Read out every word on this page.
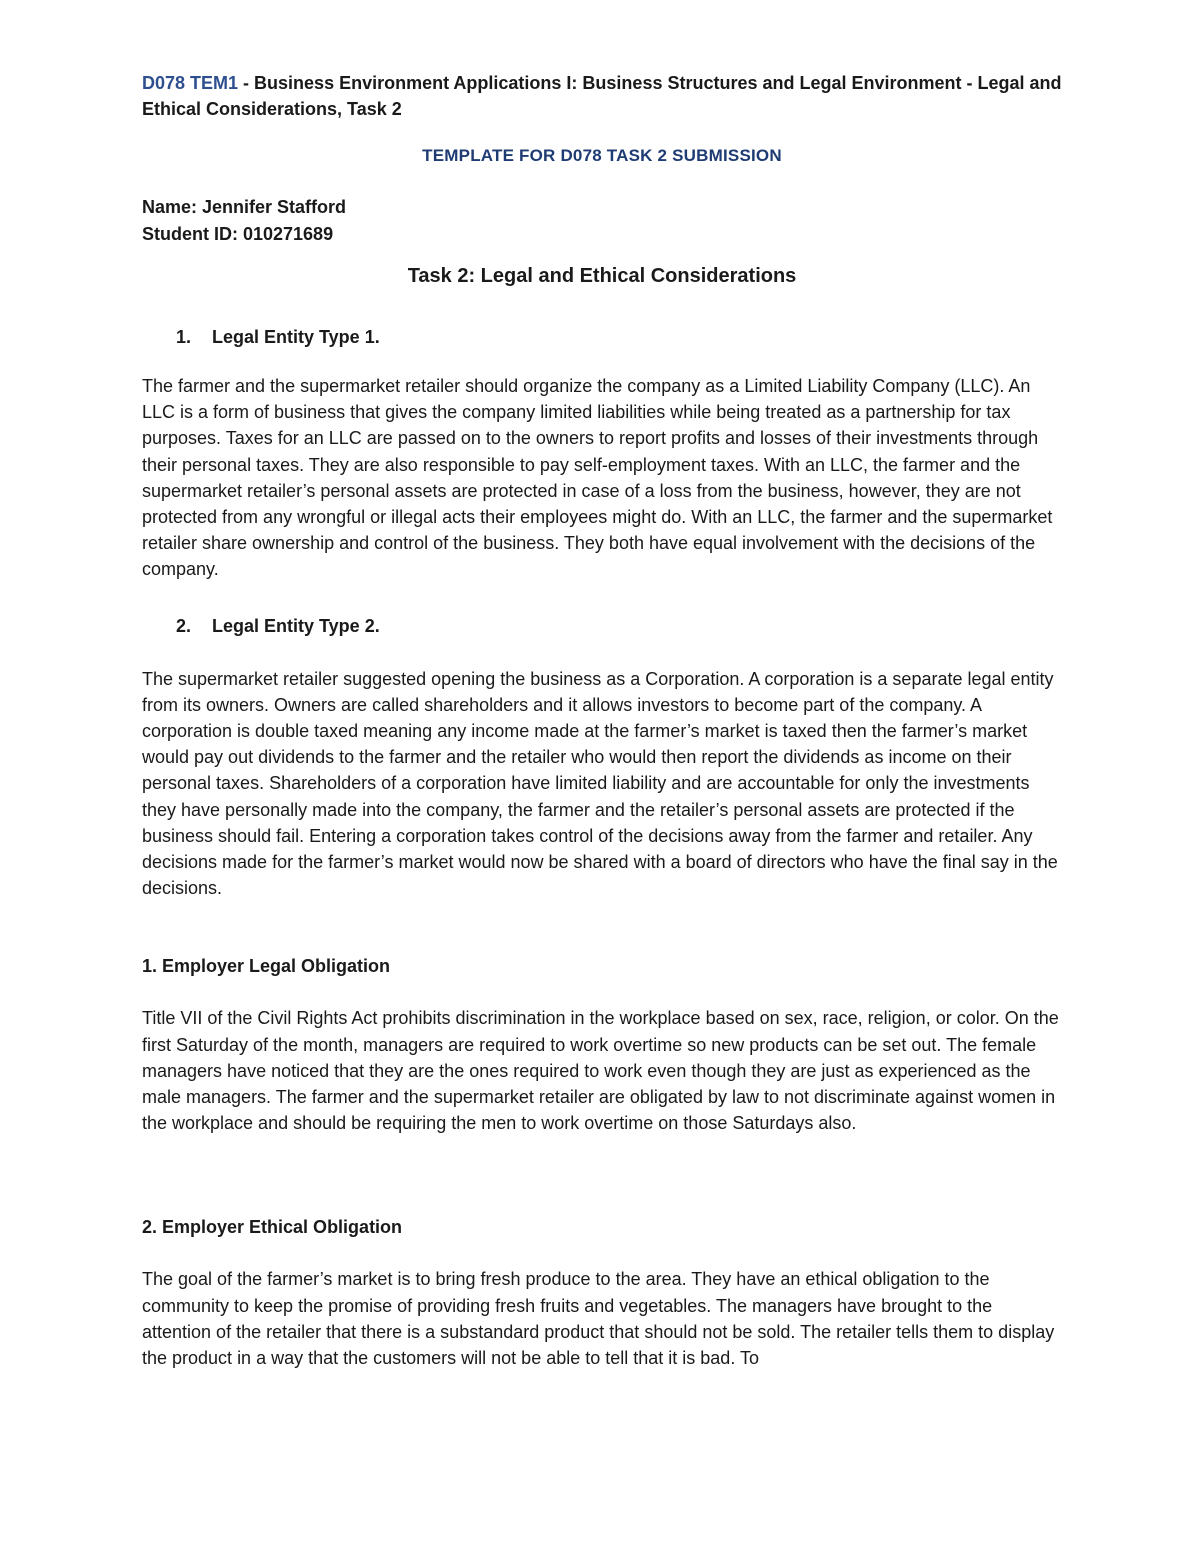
D078 TEM1 - Business Environment Applications I: Business Structures and Legal Environment - Legal and Ethical Considerations, Task 2

TEMPLATE FOR D078 TASK 2 SUBMISSION

Name: Jennifer Stafford
Student ID: 010271689

Task 2: Legal and Ethical Considerations

1. Legal Entity Type 1.

The farmer and the supermarket retailer should organize the company as a Limited Liability Company (LLC). An LLC is a form of business that gives the company limited liabilities while being treated as a partnership for tax purposes. Taxes for an LLC are passed on to the owners to report profits and losses of their investments through their personal taxes. They are also responsible to pay self-employment taxes. With an LLC, the farmer and the supermarket retailer’s personal assets are protected in case of a loss from the business, however, they are not protected from any wrongful or illegal acts their employees might do. With an LLC, the farmer and the supermarket retailer share ownership and control of the business. They both have equal involvement with the decisions of the company.

2. Legal Entity Type 2.

The supermarket retailer suggested opening the business as a Corporation. A corporation is a separate legal entity from its owners. Owners are called shareholders and it allows investors to become part of the company. A corporation is double taxed meaning any income made at the farmer’s market is taxed then the farmer’s market would pay out dividends to the farmer and the retailer who would then report the dividends as income on their personal taxes. Shareholders of a corporation have limited liability and are accountable for only the investments they have personally made into the company, the farmer and the retailer’s personal assets are protected if the business should fail. Entering a corporation takes control of the decisions away from the farmer and retailer. Any decisions made for the farmer’s market would now be shared with a board of directors who have the final say in the decisions.

1. Employer Legal Obligation

Title VII of the Civil Rights Act prohibits discrimination in the workplace based on sex, race, religion, or color. On the first Saturday of the month, managers are required to work overtime so new products can be set out. The female managers have noticed that they are the ones required to work even though they are just as experienced as the male managers. The farmer and the supermarket retailer are obligated by law to not discriminate against women in the workplace and should be requiring the men to work overtime on those Saturdays also.

2. Employer Ethical Obligation

The goal of the farmer’s market is to bring fresh produce to the area. They have an ethical obligation to the community to keep the promise of providing fresh fruits and vegetables. The managers have brought to the attention of the retailer that there is a substandard product that should not be sold. The retailer tells them to display the product in a way that the customers will not be able to tell that it is bad. To
